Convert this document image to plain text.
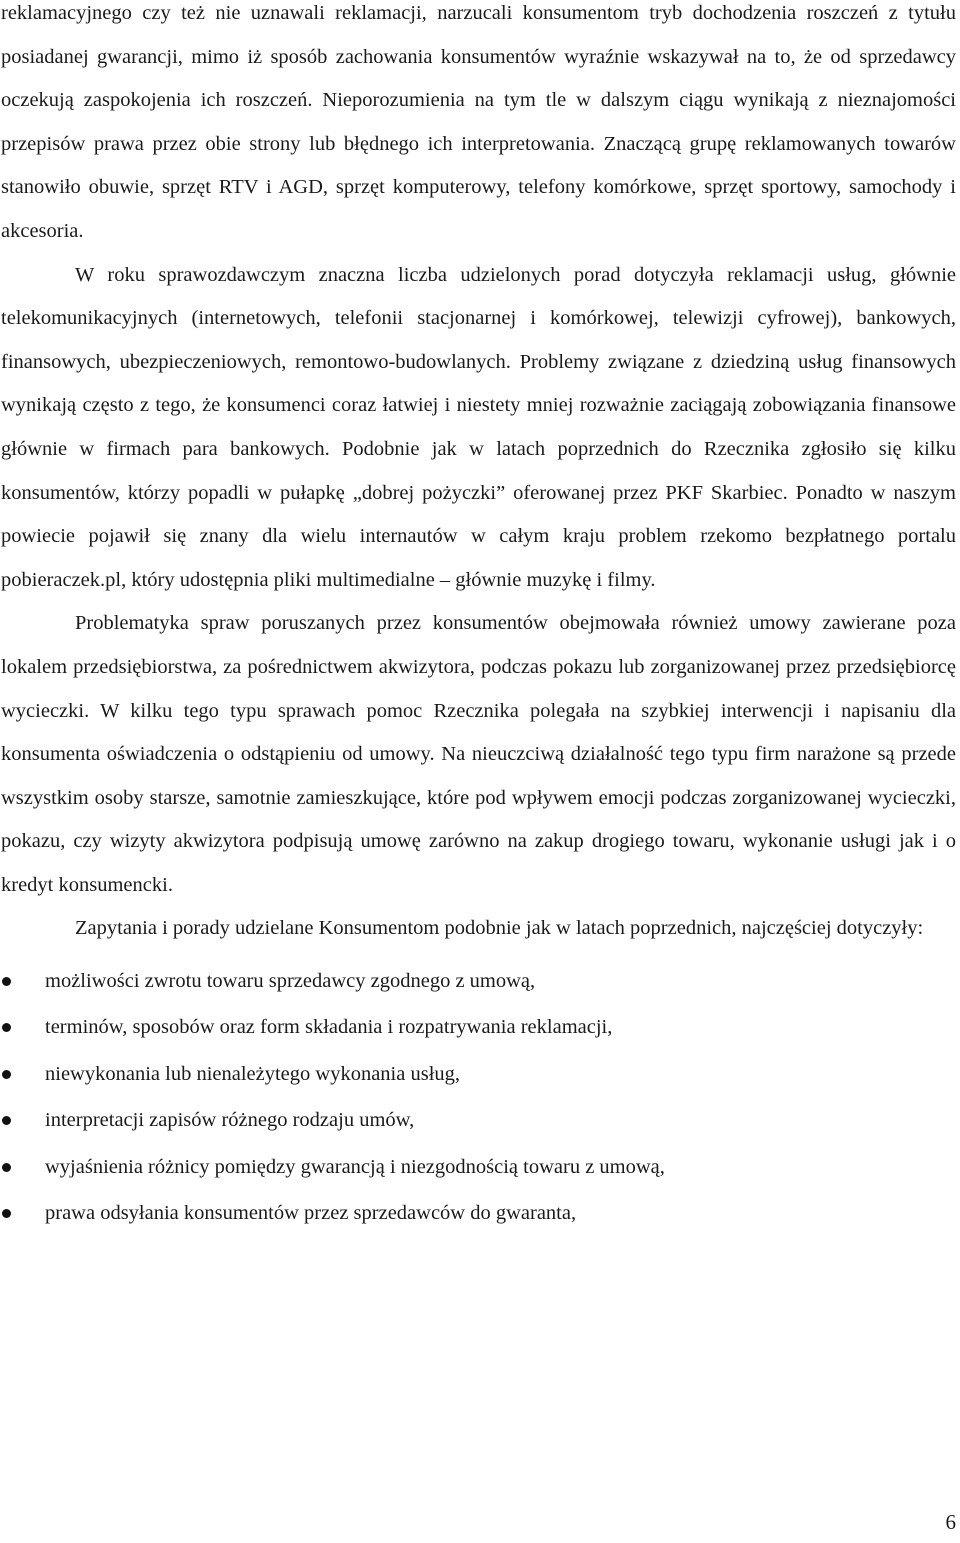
reklamacyjnego czy też nie uznawali reklamacji, narzucali konsumentom tryb dochodzenia roszczeń z tytułu posiadanej gwarancji, mimo iż sposób zachowania konsumentów wyraźnie wskazywał na to, że od sprzedawcy oczekują zaspokojenia ich roszczeń. Nieporozumienia na tym tle w dalszym ciągu wynikają z nieznajomości przepisów prawa przez obie strony lub błędnego ich interpretowania. Znaczącą grupę reklamowanych towarów stanowiło obuwie, sprzęt RTV i AGD, sprzęt komputerowy, telefony komórkowe, sprzęt sportowy, samochody i akcesoria.

W roku sprawozdawczym znaczna liczba udzielonych porad dotyczyła reklamacji usług, głównie telekomunikacyjnych (internetowych, telefonii stacjonarnej i komórkowej, telewizji cyfrowej), bankowych, finansowych, ubezpieczeniowych, remontowo-budowlanych. Problemy związane z dziedziną usług finansowych wynikają często z tego, że konsumenci coraz łatwiej i niestety mniej rozważnie zaciągają zobowiązania finansowe głównie w firmach para bankowych. Podobnie jak w latach poprzednich do Rzecznika zgłosiło się kilku konsumentów, którzy popadli w pułapkę „dobrej pożyczki” oferowanej przez PKF Skarbiec. Ponadto w naszym powiecie pojawił się znany dla wielu internautów w całym kraju problem rzekomo bezpłatnego portalu pobieraczek.pl, który udostępnia pliki multimedialne – głównie muzykę i filmy.

Problematyka spraw poruszanych przez konsumentów obejmowała również umowy zawierane poza lokalem przedsiębiorstwa, za pośrednictwem akwizytora, podczas pokazu lub zorganizowanej przez przedsiębiorcę wycieczki. W kilku tego typu sprawach pomoc Rzecznika polegała na szybkiej interwencji i napisaniu dla konsumenta oświadczenia o odstąpieniu od umowy. Na nieuczciwą działalność tego typu firm narażone są przede wszystkim osoby starsze, samotnie zamieszkujące, które pod wpływem emocji podczas zorganizowanej wycieczki, pokazu, czy wizyty akwizytora podpisują umowę zarówno na zakup drogiego towaru, wykonanie usługi jak i o kredyt konsumencki.

Zapytania i porady udzielane Konsumentom podobnie jak w latach poprzednich, najczęściej dotyczyły:

możliwości zwrotu towaru sprzedawcy zgodnego z umową,
terminów, sposobów oraz form składania i rozpatrywania reklamacji,
niewykonania lub nienależytego wykonania usług,
interpretacji zapisów różnego rodzaju umów,
wyjaśnienia różnicy pomiędzy gwarancją i niezgodnością towaru z umową,
prawa odsyłania konsumentów przez sprzedawców do gwaranta,
6
